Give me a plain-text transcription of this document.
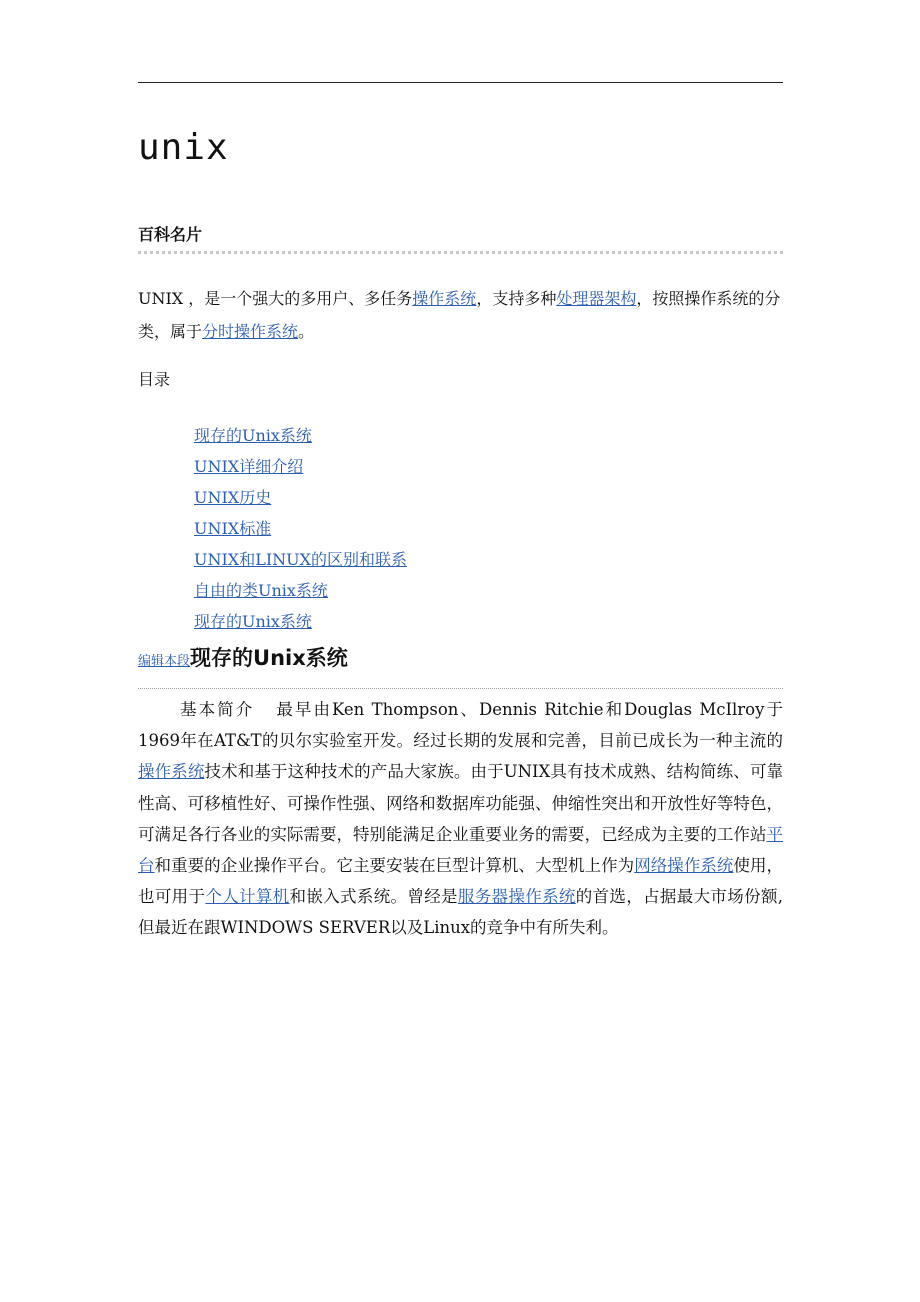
unix
百科名片

UNIX ，是一个强大的多用户、多任务操作系统，支持多种处理器架构，按照操作系统的分类，属于分时操作系统。

目录
现存的Unix系统
UNIX详细介绍
UNIX历史
UNIX标准
UNIX和LINUX的区别和联系
自由的类Unix系统
现存的Unix系统
编辑本段现存的Unix系统

基本简介 最早由Ken Thompson、Dennis Ritchie和Douglas McIlroy于1969年在AT&T的贝尔实验室开发。经过长期的发展和完善，目前已成长为一种主流的操作系统技术和基于这种技术的产品大家族。由于UNIX具有技术成熟、结构简练、可靠性高、可移植性好、可操作性强、网络和数据库功能强、伸缩性突出和开放性好等特色，可满足各行各业的实际需要，特别能满足企业重要业务的需要，已经成为主要的工作站平台和重要的企业操作平台。它主要安装在巨型计算机、大型机上作为网络操作系统使用，也可用于个人计算机和嵌入式系统。曾经是服务器操作系统的首选，占据最大市场份额,但最近在跟WINDOWS SERVER以及Linux的竞争中有所失利。
